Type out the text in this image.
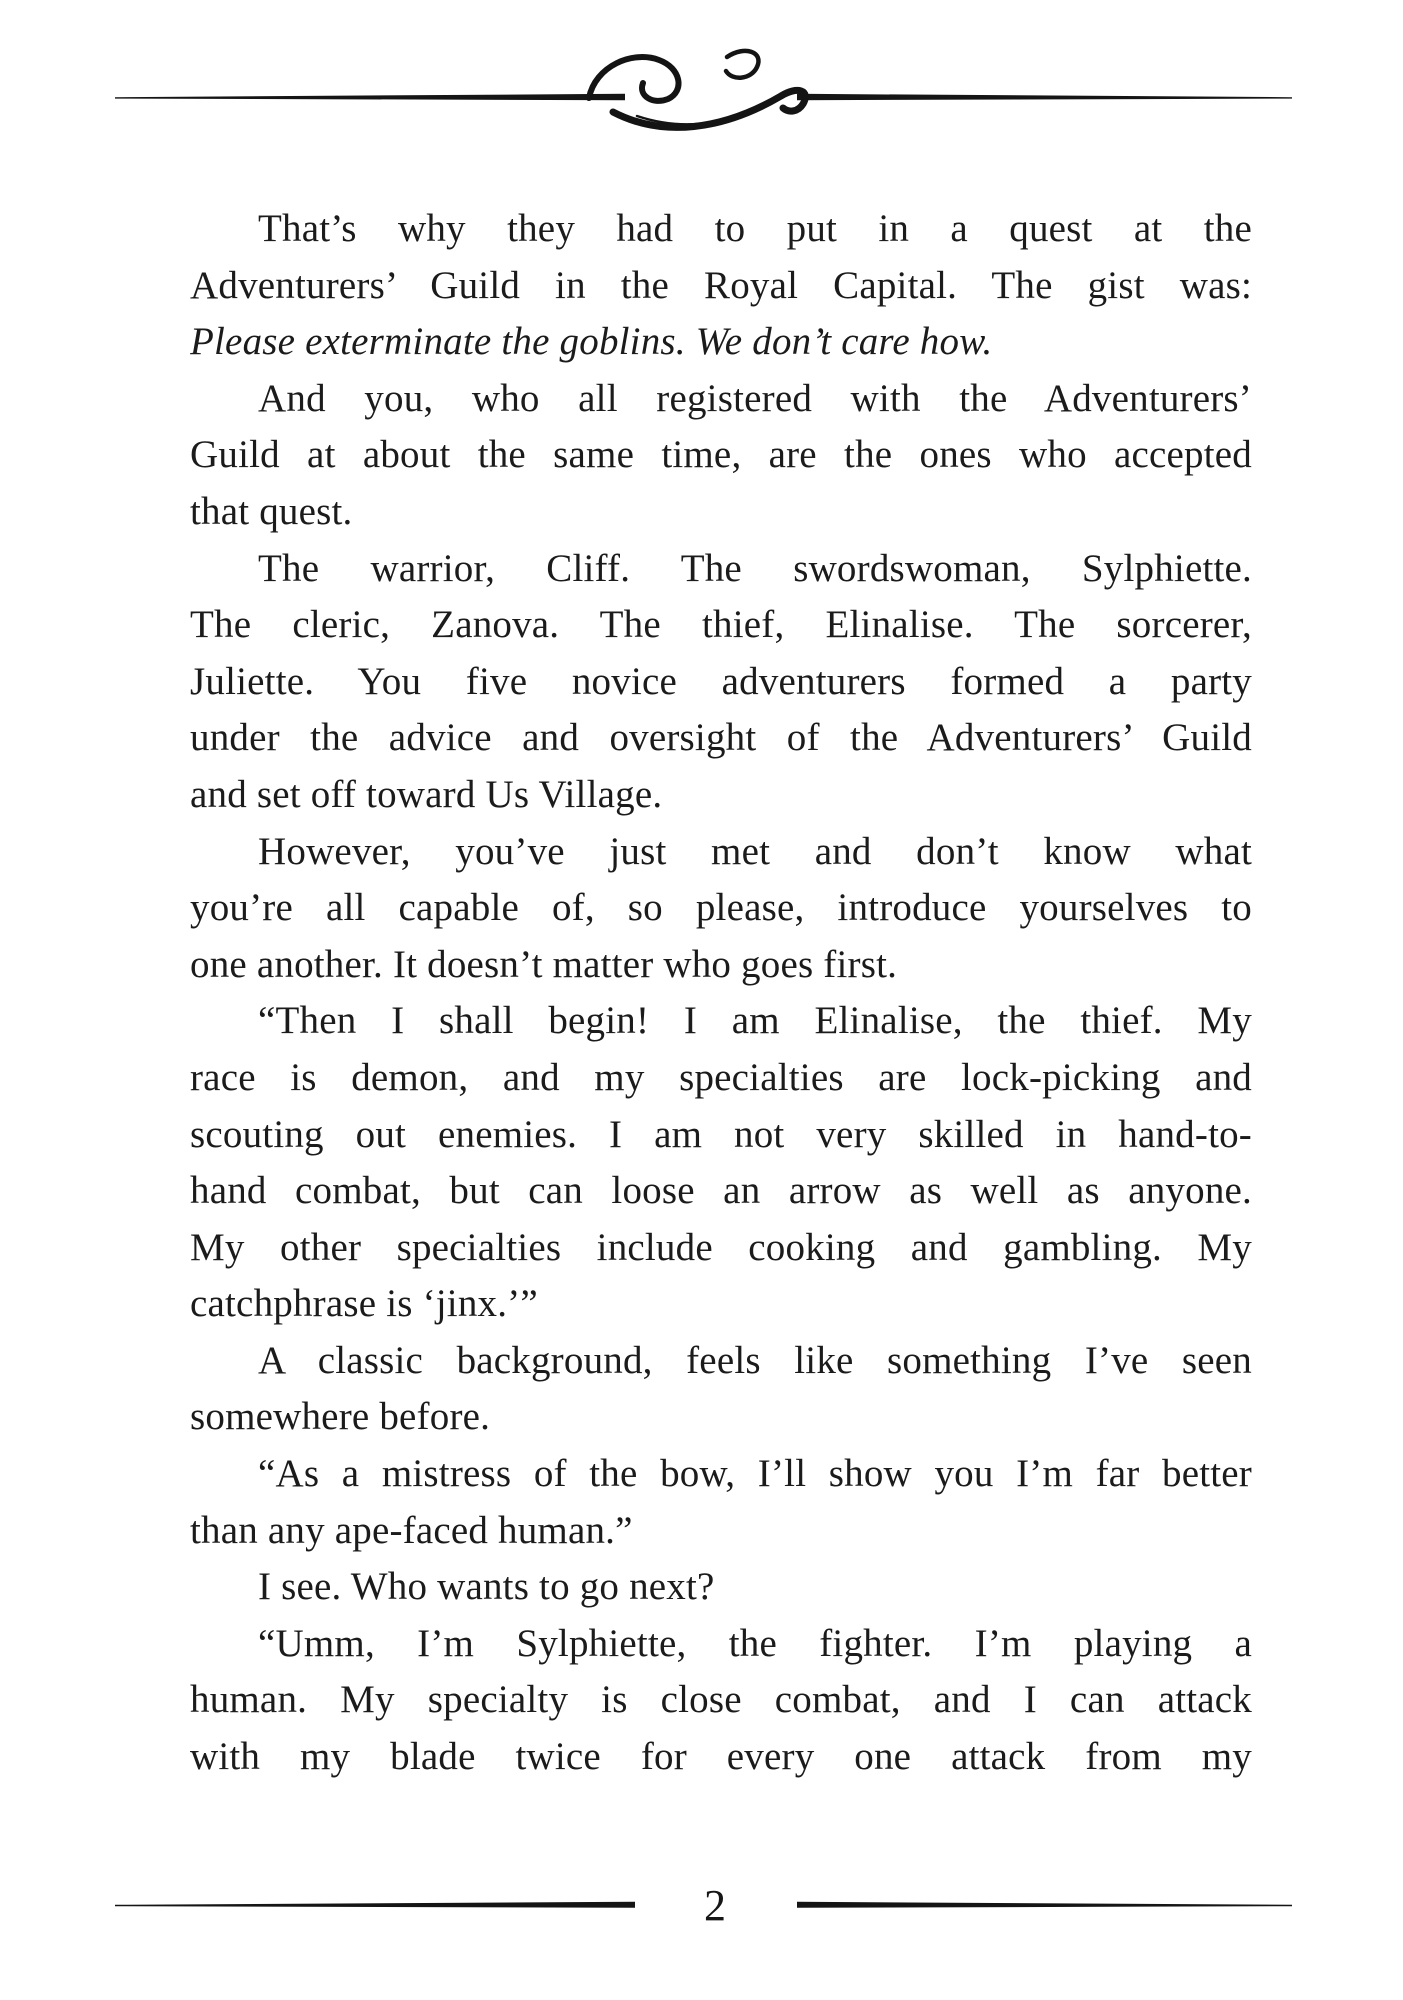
That’s why they had to put in a quest at the
Adventurers’ Guild in the Royal Capital. The gist was:
Please exterminate the goblins. We don’t care how.
And you, who all registered with the Adventurers’
Guild at about the same time, are the ones who accepted
that quest.
The warrior, Cliff. The swordswoman, Sylphiette.
The cleric, Zanova. The thief, Elinalise. The sorcerer,
Juliette. You five novice adventurers formed a party
under the advice and oversight of the Adventurers’ Guild
and set off toward Us Village.
However, you’ve just met and don’t know what
you’re all capable of, so please, introduce yourselves to
one another. It doesn’t matter who goes first.
“Then I shall begin! I am Elinalise, the thief. My
race is demon, and my specialties are lock-picking and
scouting out enemies. I am not very skilled in hand-to-
hand combat, but can loose an arrow as well as anyone.
My other specialties include cooking and gambling. My
catchphrase is ‘jinx.’”
A classic background, feels like something I’ve seen
somewhere before.
“As a mistress of the bow, I’ll show you I’m far better
than any ape-faced human.”
I see. Who wants to go next?
“Umm, I’m Sylphiette, the fighter. I’m playing a
human. My specialty is close combat, and I can attack
with my blade twice for every one attack from my
2
